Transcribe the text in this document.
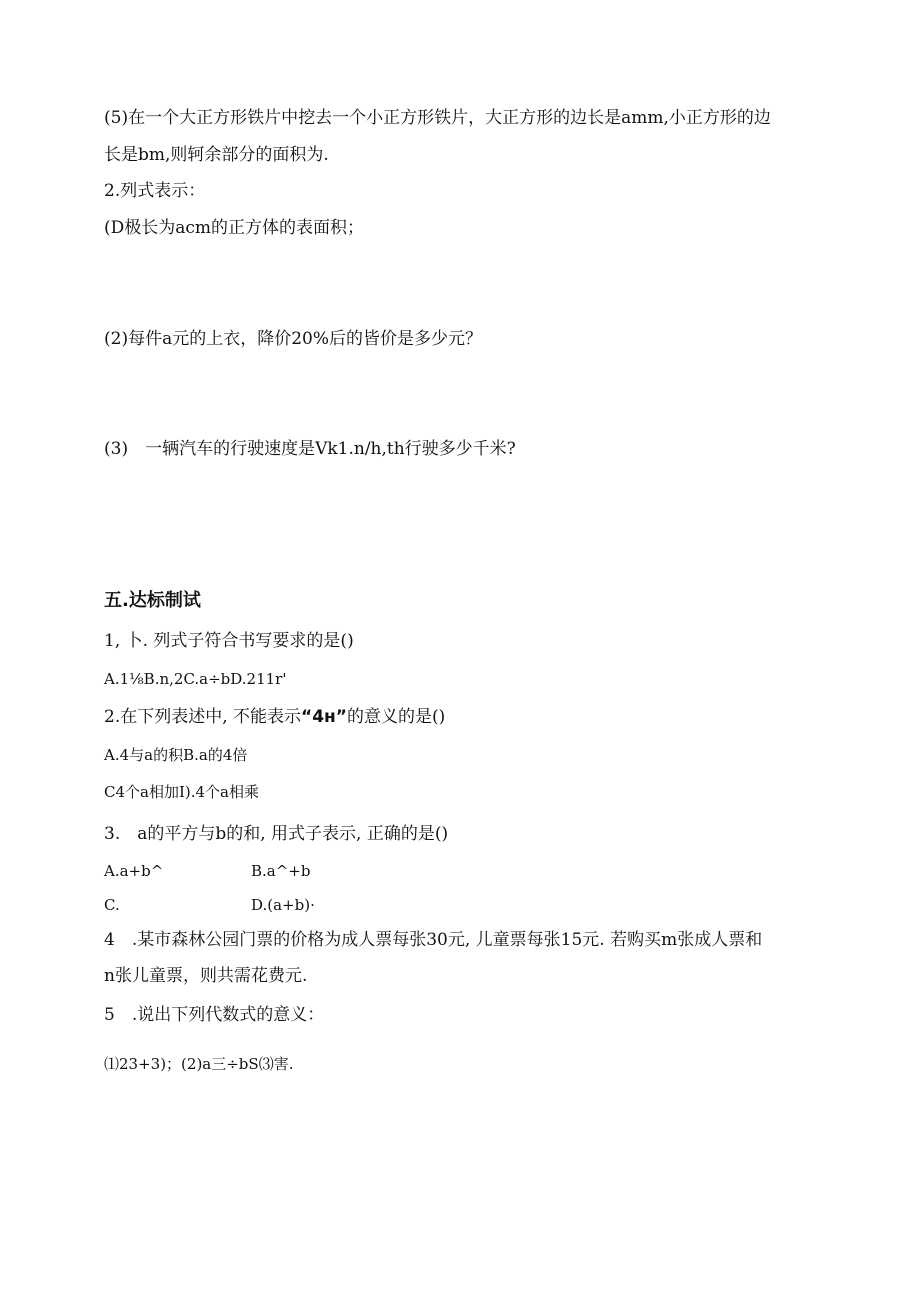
(5)在一个大正方形铁片中挖去一个小正方形铁片，大正方形的边长是amm,小正方形的边
长是bm,则轲余部分的面积为.
2.列式表示：
(D极长为acm的正方体的表面积；
(2)每件a元的上衣，降价20%后的皆价是多少元？
(3)　一辆汽车的行驶速度是Vk1.n/h,th行驶多少千米?
五.达标制试
1, 卜. 列式子符合书写要求的是()
A.1⅛B.n,2C.a÷bD.211r'
2.在下列表述中, 不能表示“4н”的意义的是()
A.4与a的积B.a的4倍
C4个a相加I).4个a相乘
3.　a的平方与b的和, 用式子表示, 正确的是()
A.a+b^	B.a^+b
C.	D.(a+b)·
4　.某市森林公园门票的价格为成人票每张30元, 儿童票每张15元. 若购买m张成人票和
n张儿童票，则共需花费元.
5　.说出下列代数式的意义：
⑴23+3)；(2)a三÷bS⑶害.
